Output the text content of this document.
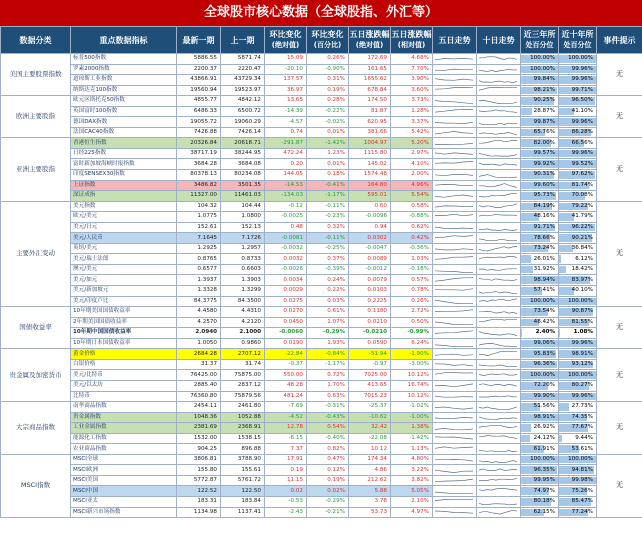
全球股市核心数据（全球股指、外汇等）
数据分类	重点数据指标	最新一期	上一期	环比变化
(绝对值)	环比变化
(百分比)	五日涨跌幅
(绝对值)	五日涨跌幅
(相对值)	五日走势	十日走势	近三年所
处百分位	近十年所
处百分位	事件提示

美国主要股票指数	标普500指数	5886.55	5871.74	15.09	0.26%	172.69	4.68%			100.00%	100.00%	无
	罗素2000指数	2200.37	2220.47	-20.10	-0.90%	161.65	7.70%			100.00%	99.96%	

	道琼斯工业指数	43866.91	43729.34	137.57	0.31%	1655.62	3.90%			99.84%	99.96%	

	纳斯达克100指数	19560.94	19523.97	36.97	0.19%	678.84	3.60%			98.21%	99.71%	

欧洲主要股指	欧元区斯托克50指数	4855.77	4842.12	13.65	0.28%	174.50	3.73%			90.25%	96.50%	无
	英国富时100指数	6486.33	6500.72	-14.39	-0.22%	81.87	1.28%			28.87%	41.10%	

	德国DAX指数	19055.72	19060.29	-4.57	-0.02%	620.95	3.37%			99.87%	99.96%	

	法国CAC40指数	7426.88	7426.14	0.74	0.01%	381.66	5.42%			65.76%	86.28%	

亚洲主要股指	香港恒生指数	20326.84	20618.71	-291.87	-1.42%	1004.97	5.20%			82.00%	66.56%	无
	日经225指数	38717.19	38244.95	472.24	1.23%	1115.80	2.97%			99.57%	99.96%	

	富时新加坡海峡时报指数	3684.28	3684.08	0.20	0.01%	145.02	4.10%			99.92%	99.52%	

	印度SENSEX30指数	80378.13	80234.08	144.05	0.18%	1574.48	2.00%			90.31%	97.62%	

	上证指数	3486.82	3501.35	-14.53	-0.41%	164.80	4.96%			99.60%	81.74%	

	深证成指	11327.00	11461.03	-134.03	-1.17%	595.01	5.54%			95.73%	70.08%	

主要外汇变动	美元指数	104.32	104.44	-0.12	-0.11%	0.60	0.58%			84.19%	79.22%	无
	欧元/美元	1.0775	1.0800	-0.0025	-0.23%	-0.0096	-0.88%			48.16%	41.79%	

	美元/日元	152.61	152.13	0.48	0.32%	0.94	0.62%			91.71%	96.22%	

	美元/人民币	7.1645	7.1726	-0.0081	-0.11%	0.0302	0.42%			78.66%	90.21%	

	英镑/美元	1.2925	1.2957	-0.0032	-0.25%	-0.0047	-0.36%			73.24%	36.84%	

	美元/瑞士法郎	0.8765	0.8733	0.0032	0.37%	0.0089	1.03%			26.01%	6.12%	

	澳元/美元	0.6577	0.6603	-0.0026	-0.39%	-0.0012	-0.18%			31.92%	18.42%	

	美元/加元	1.3937	1.3903	0.0034	0.24%	0.0079	0.57%			98.94%	83.97%	

	美元/新加坡元	1.3328	1.3299	0.0029	0.22%	0.0103	0.78%			57.41%	40.10%	

	美元/印度卢比	84.3775	84.3500	0.0275	0.03%	0.2225	0.26%			100.00%	100.00%	

国债收益率	10年期美国国债收益率	4.4580	4.4310	0.0270	0.61%	0.1180	2.72%			73.54%	90.87%	无
	2年期美国国债收益率	4.2570	4.2120	0.0450	1.07%	0.0210	0.50%			48.42%	81.55%	

	10年期中国国债收益率	2.0940	2.1000	-0.0060	-0.29%	-0.0210	-0.99%			2.40%	1.08%	

	10年期日本国债收益率	1.0050	0.9860	0.0190	1.93%	0.0590	6.24%			99.06%	99.96%	

贵金属及加密货币	黄金价格	2684.28	2707.12	-22.84	-0.84%	-51.94	-1.90%			95.83%	98.91%	无
	白银价格	31.37	31.74	-0.37	-1.17%	-0.97	-3.00%			96.36%	93.12%	

	美元/比特币	76425.00	75875.00	550.00	0.72%	7025.00	10.12%			100.00%	100.00%	

	美元/以太坊	2885.40	2837.12	48.28	1.70%	413.65	16.74%			72.20%	80.27%	

	比特币	76360.80	75879.56	481.24	0.63%	7015.23	10.12%			99.90%	99.96%	

大宗商品指数	南华商品指数	2454.11	2461.80	-7.69	-0.31%	-25.37	-1.02%			51.56%	27.73%	无
	贵金属指数	1048.36	1052.88	-4.52	-0.43%	-10.62	-1.00%			98.91%	74.35%	

	工业金属指数	2381.69	2368.91	12.78	0.54%	32.42	1.38%			26.92%	77.67%	

	能源化工指数	1532.00	1538.15	-6.15	-0.40%	-22.08	-1.42%			24.12%	9.44%	

	农业商品指数	904.25	896.88	7.37	0.82%	10.12	1.13%			61.91%	53.61%	

MSCI指数	MSCI全球	3806.81	3788.90	17.91	0.47%	174.34	4.80%			100.00%	100.00%	无
	MSCI欧洲	155.80	155.61	0.19	0.12%	4.86	3.22%			96.35%	94.81%	

	MSCI美国	5772.87	5761.72	11.15	0.19%	212.62	3.82%			99.95%	99.98%	

	MSCI中国	122.52	122.50	0.02	0.02%	5.88	5.05%			74.97%	75.26%	

	MSCI亚太	183.31	183.84	-0.53	-0.29%	3.78	2.10%			80.18%	85.47%	

	MSCI新兴市场指数	1134.98	1137.41	-2.43	-0.21%	53.73	4.97%			62.15%	77.24%	
